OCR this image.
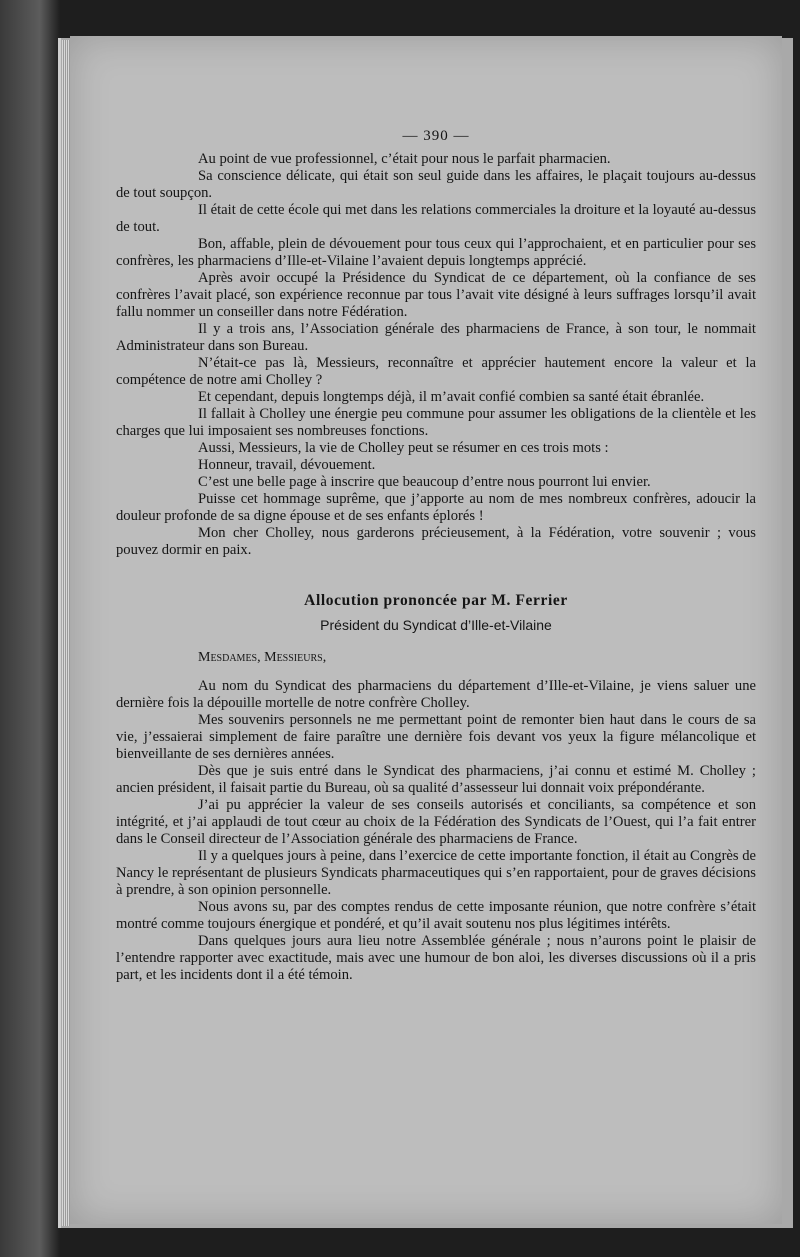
— 390 —

Au point de vue professionnel, c’était pour nous le parfait pharmacien.

Sa conscience délicate, qui était son seul guide dans les affaires, le plaçait toujours au-dessus de tout soupçon.

Il était de cette école qui met dans les relations commerciales la droiture et la loyauté au-dessus de tout.

Bon, affable, plein de dévouement pour tous ceux qui l’approchaient, et en particulier pour ses confrères, les pharmaciens d’Ille-et-Vilaine l’avaient depuis longtemps apprécié.

Après avoir occupé la Présidence du Syndicat de ce département, où la confiance de ses confrères l’avait placé, son expérience reconnue par tous l’avait vite désigné à leurs suffrages lorsqu’il avait fallu nommer un conseiller dans notre Fédération.

Il y a trois ans, l’Association générale des pharmaciens de France, à son tour, le nommait Administrateur dans son Bureau.

N’était-ce pas là, Messieurs, reconnaître et apprécier hautement encore la valeur et la compétence de notre ami Cholley ?

Et cependant, depuis longtemps déjà, il m’avait confié combien sa santé était ébranlée.

Il fallait à Cholley une énergie peu commune pour assumer les obligations de la clientèle et les charges que lui imposaient ses nombreuses fonctions.

Aussi, Messieurs, la vie de Cholley peut se résumer en ces trois mots :

Honneur, travail, dévouement.

C’est une belle page à inscrire que beaucoup d’entre nous pourront lui envier.

Puisse cet hommage suprême, que j’apporte au nom de mes nombreux confrères, adoucir la douleur profonde de sa digne épouse et de ses enfants éplorés !

Mon cher Cholley, nous garderons précieusement, à la Fédération, votre souvenir ; vous pouvez dormir en paix.

Allocution prononcée par M. Ferrier
Président du Syndicat d’Ille-et-Vilaine
Mesdames, Messieurs,

Au nom du Syndicat des pharmaciens du département d’Ille-et-Vilaine, je viens saluer une dernière fois la dépouille mortelle de notre confrère Cholley.

Mes souvenirs personnels ne me permettant point de remonter bien haut dans le cours de sa vie, j’essaierai simplement de faire paraître une dernière fois devant vos yeux la figure mélancolique et bienveillante de ses dernières années.

Dès que je suis entré dans le Syndicat des pharmaciens, j’ai connu et estimé M. Cholley ; ancien président, il faisait partie du Bureau, où sa qualité d’assesseur lui donnait voix prépondérante.

J’ai pu apprécier la valeur de ses conseils autorisés et conciliants, sa compétence et son intégrité, et j’ai applaudi de tout cœur au choix de la Fédération des Syndicats de l’Ouest, qui l’a fait entrer dans le Conseil directeur de l’Association générale des pharmaciens de France.

Il y a quelques jours à peine, dans l’exercice de cette importante fonction, il était au Congrès de Nancy le représentant de plusieurs Syndicats pharmaceutiques qui s’en rapportaient, pour de graves décisions à prendre, à son opinion personnelle.

Nous avons su, par des comptes rendus de cette imposante réunion, que notre confrère s’était montré comme toujours énergique et pondéré, et qu’il avait soutenu nos plus légitimes intérêts.

Dans quelques jours aura lieu notre Assemblée générale ; nous n’aurons point le plaisir de l’entendre rapporter avec exactitude, mais avec une humour de bon aloi, les diverses discussions où il a pris part, et les incidents dont il a été témoin.
